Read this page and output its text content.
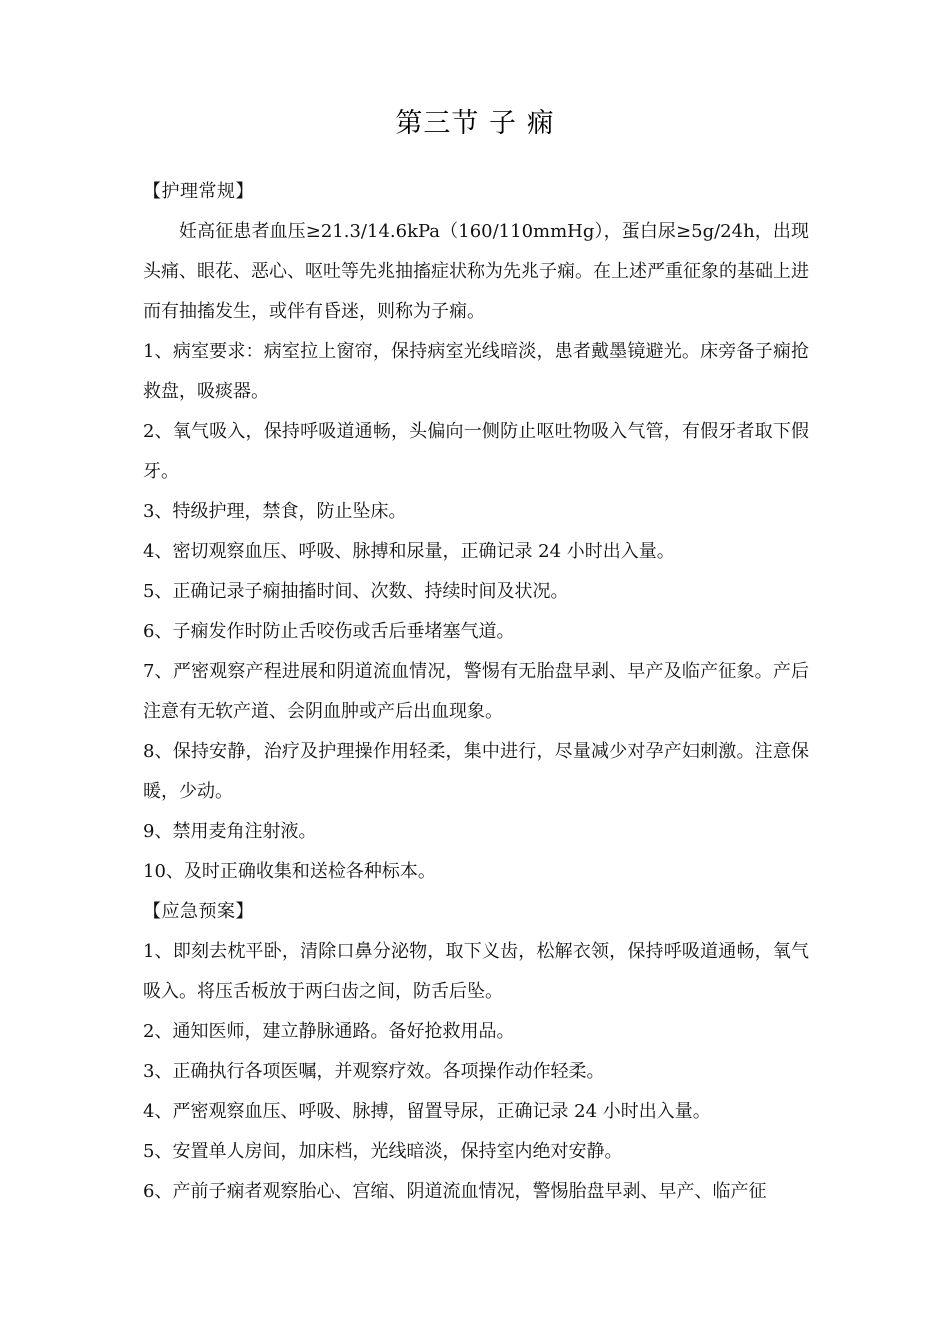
第三节 子 痫

【护理常规】

妊高征患者血压≥21.3/14.6kPa（160/110mmHg），蛋白尿≥5g/24h，出现头痛、眼花、恶心、呕吐等先兆抽搐症状称为先兆子痫。在上述严重征象的基础上进而有抽搐发生，或伴有昏迷，则称为子痫。

1、病室要求：病室拉上窗帘，保持病室光线暗淡，患者戴墨镜避光。床旁备子痫抢救盘，吸痰器。

2、氧气吸入，保持呼吸道通畅，头偏向一侧防止呕吐物吸入气管，有假牙者取下假牙。

3、特级护理，禁食，防止坠床。

4、密切观察血压、呼吸、脉搏和尿量，正确记录 24 小时出入量。

5、正确记录子痫抽搐时间、次数、持续时间及状况。

6、子痫发作时防止舌咬伤或舌后垂堵塞气道。

7、严密观察产程进展和阴道流血情况，警惕有无胎盘早剥、早产及临产征象。产后注意有无软产道、会阴血肿或产后出血现象。

8、保持安静，治疗及护理操作用轻柔，集中进行，尽量减少对孕产妇刺激。注意保暖，少动。

9、禁用麦角注射液。

10、及时正确收集和送检各种标本。

【应急预案】

1、即刻去枕平卧，清除口鼻分泌物，取下义齿，松解衣领，保持呼吸道通畅，氧气吸入。将压舌板放于两臼齿之间，防舌后坠。

2、通知医师，建立静脉通路。备好抢救用品。

3、正确执行各项医嘱，并观察疗效。各项操作动作轻柔。

4、严密观察血压、呼吸、脉搏，留置导尿，正确记录 24 小时出入量。

5、安置单人房间，加床档，光线暗淡，保持室内绝对安静。

6、产前子痫者观察胎心、宫缩、阴道流血情况，警惕胎盘早剥、早产、临产征
